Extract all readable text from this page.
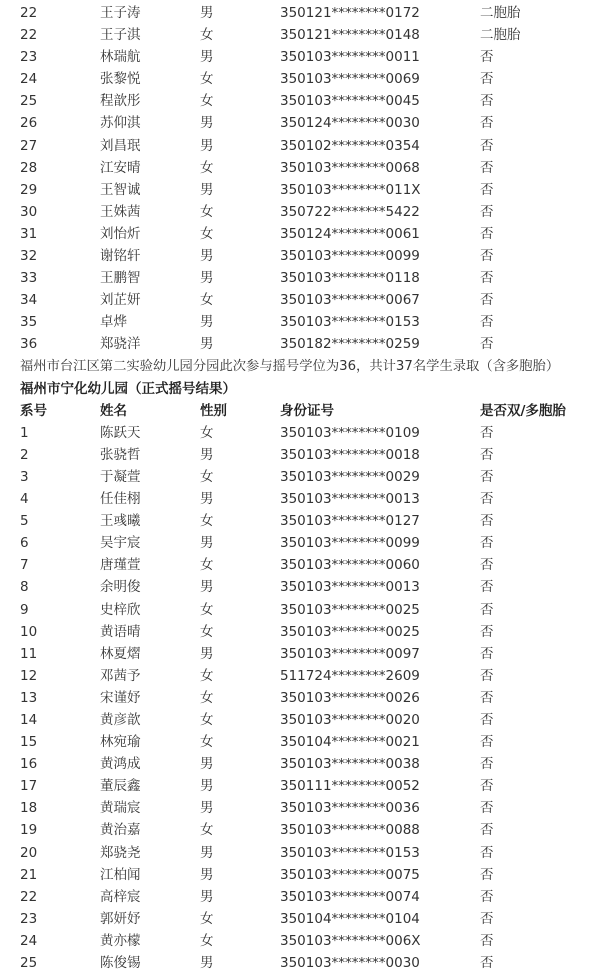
22	王子涛	男	350121********0172	二胞胎
22	王子淇	女	350121********0148	二胞胎
23	林瑞航	男	350103********0011	否
24	张黎悦	女	350103********0069	否
25	程歆彤	女	350103********0045	否
26	苏仰淇	男	350124********0030	否
27	刘昌珉	男	350102********0354	否
28	江安晴	女	350103********0068	否
29	王智诚	男	350103********011X	否
30	王姝茜	女	350722********5422	否
31	刘怡炘	女	350124********0061	否
32	谢铭轩	男	350103********0099	否
33	王鹏智	男	350103********0118	否
34	刘芷妍	女	350103********0067	否
35	卓烨	男	350103********0153	否
36	郑骁洋	男	350182********0259	否
福州市台江区第二实验幼儿园分园此次参与摇号学位为36，共计37名学生录取（含多胞胎）
福州市宁化幼儿园（正式摇号结果）
系号	姓名	性别	身份证号	是否双/多胞胎
1	陈跃天	女	350103********0109	否
2	张骁哲	男	350103********0018	否
3	于凝萱	女	350103********0029	否
4	任佳栩	男	350103********0013	否
5	王彧曦	女	350103********0127	否
6	吴宇宸	男	350103********0099	否
7	唐瑾萱	女	350103********0060	否
8	余明俊	男	350103********0013	否
9	史梓欣	女	350103********0025	否
10	黄语晴	女	350103********0025	否
11	林夏熠	男	350103********0097	否
12	邓茜予	女	511724********2609	否
13	宋谨妤	女	350103********0026	否
14	黄彦歆	女	350103********0020	否
15	林宛瑜	女	350104********0021	否
16	黄鸿成	男	350103********0038	否
17	董辰鑫	男	350111********0052	否
18	黄瑞宸	男	350103********0036	否
19	黄治嘉	女	350103********0088	否
20	郑骁尧	男	350103********0153	否
21	江柏闻	男	350103********0075	否
22	高梓宸	男	350103********0074	否
23	郭妍妤	女	350104********0104	否
24	黄亦檬	女	350103********006X	否
25	陈俊锡	男	350103********0030	否
